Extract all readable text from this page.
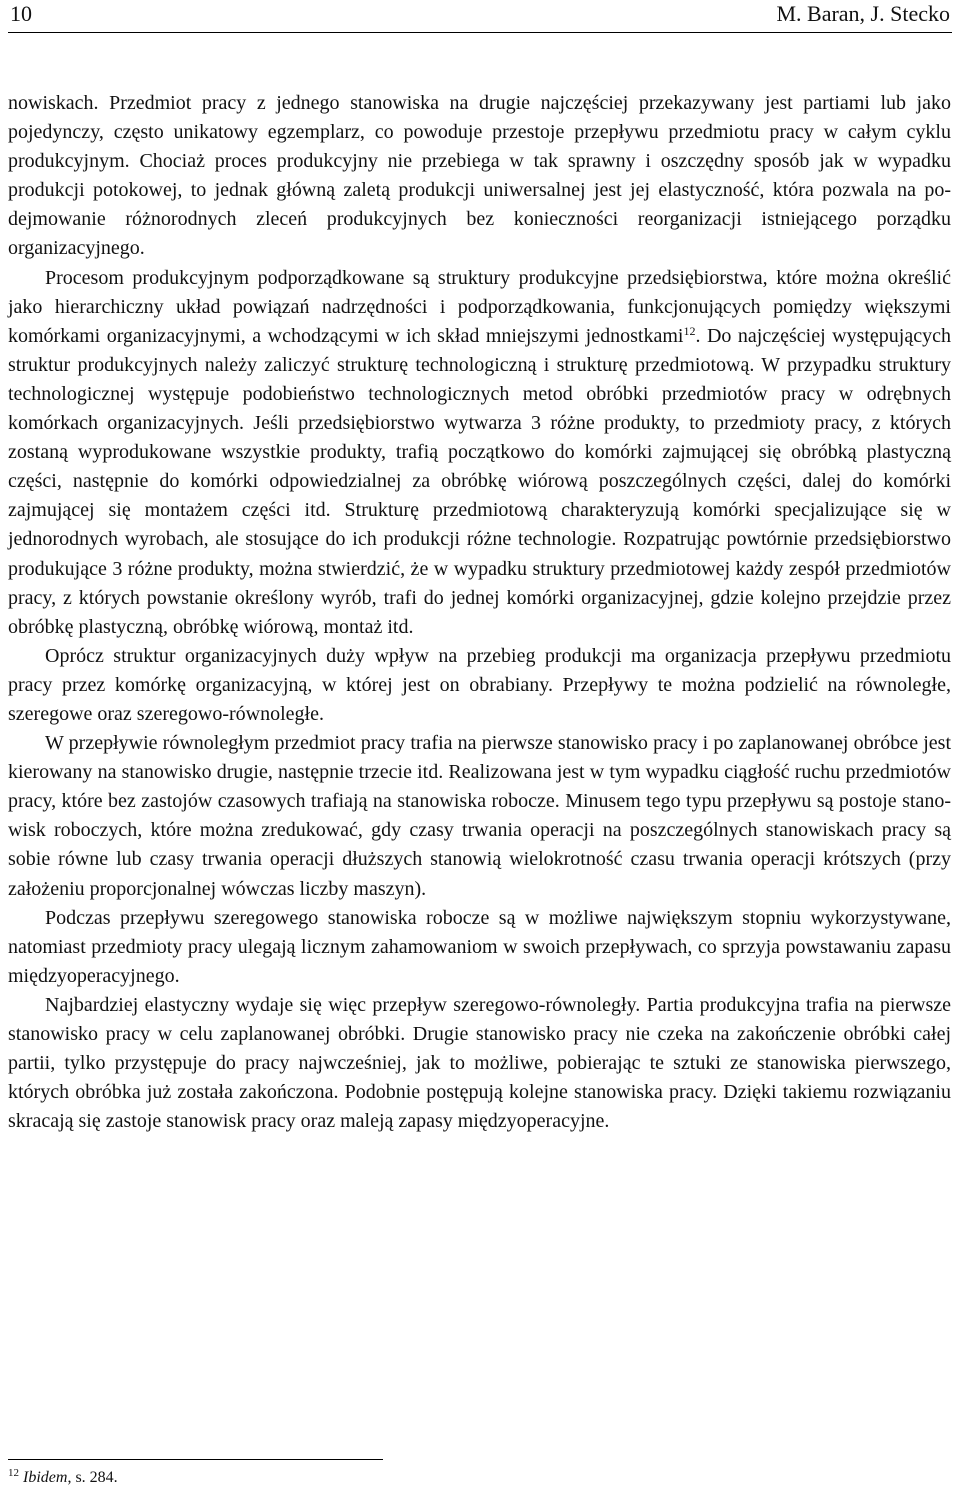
10	M. Baran, J. Stecko

nowiskach. Przedmiot pracy z jednego stanowiska na drugie najczęściej przekazywany jest partiami lub jako pojedynczy, często unikatowy egzemplarz, co powoduje przestoje przepływu przedmiotu pracy w całym cyklu produkcyjnym. Chociaż proces produkcyjny nie przebiega w tak sprawny i oszczędny sposób jak w wypadku produkcji potokowej, to jednak główną zaletą produkcji uniwersalnej jest jej elastyczność, która pozwala na podejmowanie różnorodnych zleceń produkcyjnych bez konieczności reorganizacji istniejącego porządku organizacyjnego.

Procesom produkcyjnym podporządkowane są struktury produkcyjne przedsiębiorstwa, które można określić jako hierarchiczny układ powiązań nadrzędności i podporządkowania, funkcjonujących pomiędzy większymi komórkami organizacyjnymi, a wchodzącymi w ich skład mniejszymi jednostkami$^{12}$. Do najczęściej występujących struktur produkcyjnych należy zaliczyć strukturę technologiczną i strukturę przedmiotową. W przypadku struktury technologicznej występuje podobieństwo technologicznych metod obróbki przedmiotów pracy w odrębnych komórkach organizacyjnych. Jeśli przedsiębiorstwo wytwarza 3 różne produkty, to przedmioty pracy, z których zostaną wyprodukowane wszystkie produkty, trafią początkowo do komórki zajmującej się obróbką plastyczną części, następnie do komórki odpowiedzialnej za obróbkę wiórową poszczególnych części, dalej do komórki zajmującej się montażem części itd. Strukturę przedmiotową charakteryzują komórki specjalizujące się w jednorodnych wyrobach, ale stosujące do ich produkcji różne technologie. Rozpatrując powtórnie przedsiębiorstwo produkujące 3 różne produkty, można stwierdzić, że w wypadku struktury przedmiotowej każdy zespół przedmiotów pracy, z których powstanie określony wyrób, trafi do jednej komórki organizacyjnej, gdzie kolejno przejdzie przez obróbkę plastyczną, obróbkę wiórową, montaż itd.

Oprócz struktur organizacyjnych duży wpływ na przebieg produkcji ma organizacja przepływu przedmiotu pracy przez komórkę organizacyjną, w której jest on obrabiany. Przepływy te można podzielić na równoległe, szeregowe oraz szeregowo-równoległe.

W przepływie równoległym przedmiot pracy trafia na pierwsze stanowisko pracy i po zaplanowanej obróbce jest kierowany na stanowisko drugie, następnie trzecie itd. Realizowana jest w tym wypadku ciągłość ruchu przedmiotów pracy, które bez zastojów czasowych trafiają na stanowiska robocze. Minusem tego typu przepływu są postoje stanowisk roboczych, które można zredukować, gdy czasy trwania operacji na poszczególnych stanowiskach pracy są sobie równe lub czasy trwania operacji dłuższych stanowią wielokrotność czasu trwania operacji krótszych (przy założeniu proporcjonalnej wówczas liczby maszyn).

Podczas przepływu szeregowego stanowiska robocze są w możliwe największym stopniu wykorzystywane, natomiast przedmioty pracy ulegają licznym zahamowaniom w swoich przepływach, co sprzyja powstawaniu zapasu międzyoperacyjnego.

Najbardziej elastyczny wydaje się więc przepływ szeregowo-równoległy. Partia produkcyjna trafia na pierwsze stanowisko pracy w celu zaplanowanej obróbki. Drugie stanowisko pracy nie czeka na zakończenie obróbki całej partii, tylko przystępuje do pracy najwcześniej, jak to możliwe, pobierając te sztuki ze stanowiska pierwszego, których obróbka już została zakończona. Podobnie postępują kolejne stanowiska pracy. Dzięki takiemu rozwiązaniu skracają się zastoje stanowisk pracy oraz maleją zapasy międzyoperacyjne.

$^{12}$ Ibidem, s. 284.
